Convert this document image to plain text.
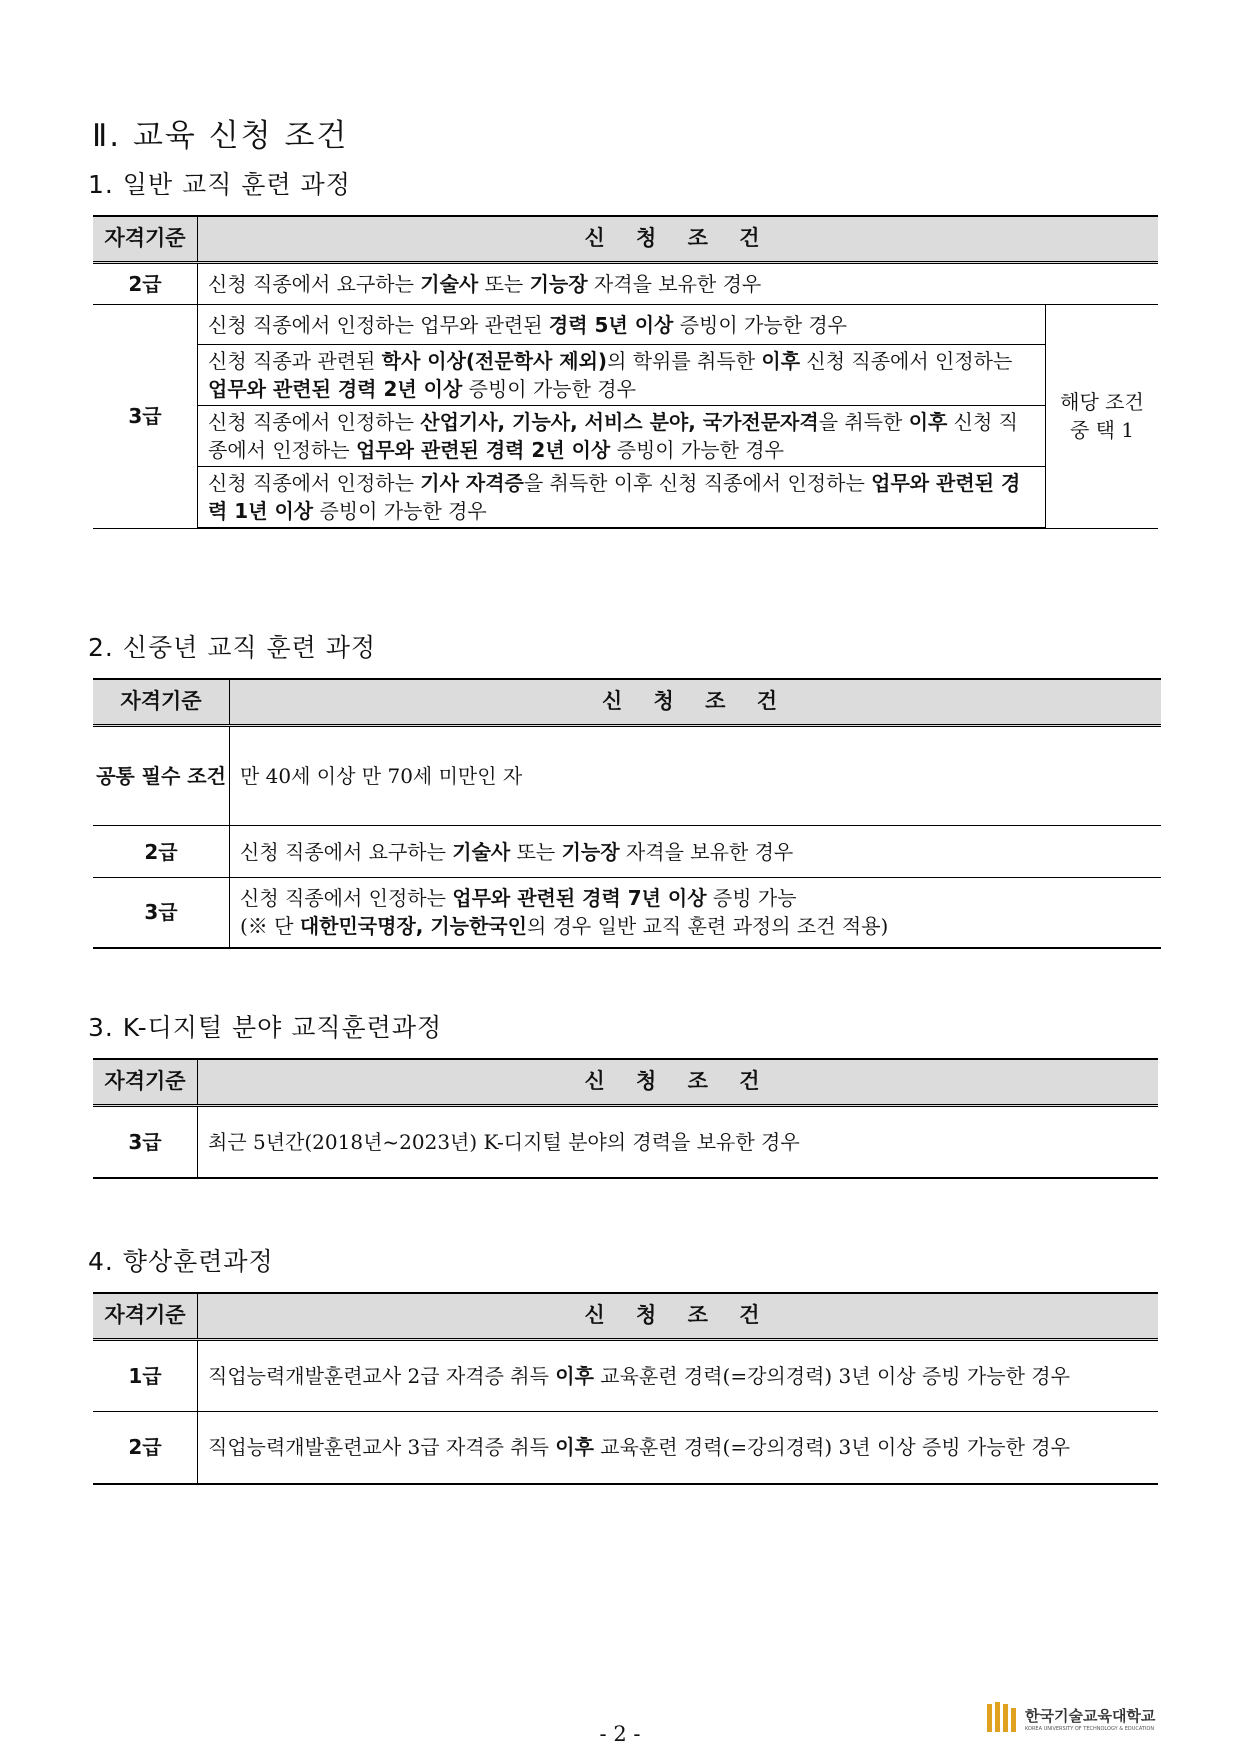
Ⅱ. 교육 신청 조건
1. 일반 교직 훈련 과정
자격기준	신 청 조 건	
2급	신청 직종에서 요구하는 기술사 또는 기능장 자격을 보유한 경우	
3급	신청 직종에서 인정하는 업무와 관련된 경력 5년 이상 증빙이 가능한 경우	해당 조건 중 택 1
	신청 직종과 관련된 학사 이상(전문학사 제외)의 학위를 취득한 이후 신청 직종에서 인정하는 업무와 관련된 경력 2년 이상 증빙이 가능한 경우	
	신청 직종에서 인정하는 산업기사, 기능사, 서비스 분야, 국가전문자격을 취득한 이후 신청 직종에서 인정하는 업무와 관련된 경력 2년 이상 증빙이 가능한 경우	
	신청 직종에서 인정하는 기사 자격증을 취득한 이후 신청 직종에서 인정하는 업무와 관련된 경력 1년 이상 증빙이 가능한 경우	
2. 신중년 교직 훈련 과정
자격기준	신 청 조 건
공통 필수 조건	만 40세 이상 만 70세 미만인 자
2급	신청 직종에서 요구하는 기술사 또는 기능장 자격을 보유한 경우
3급	신청 직종에서 인정하는 업무와 관련된 경력 7년 이상 증빙 가능
(※ 단 대한민국명장, 기능한국인의 경우 일반 교직 훈련 과정의 조건 적용)
3. K-디지털 분야 교직훈련과정
자격기준	신 청 조 건
3급	최근 5년간(2018년~2023년) K-디지털 분야의 경력을 보유한 경우
4. 향상훈련과정
자격기준	신 청 조 건
1급	직업능력개발훈련교사 2급 자격증 취득 이후 교육훈련 경력(=강의경력) 3년 이상 증빙 가능한 경우
2급	직업능력개발훈련교사 3급 자격증 취득 이후 교육훈련 경력(=강의경력) 3년 이상 증빙 가능한 경우
- 2 -
한국기술교육대학교
KOREA UNIVERSITY OF TECHNOLOGY & EDUCATION
